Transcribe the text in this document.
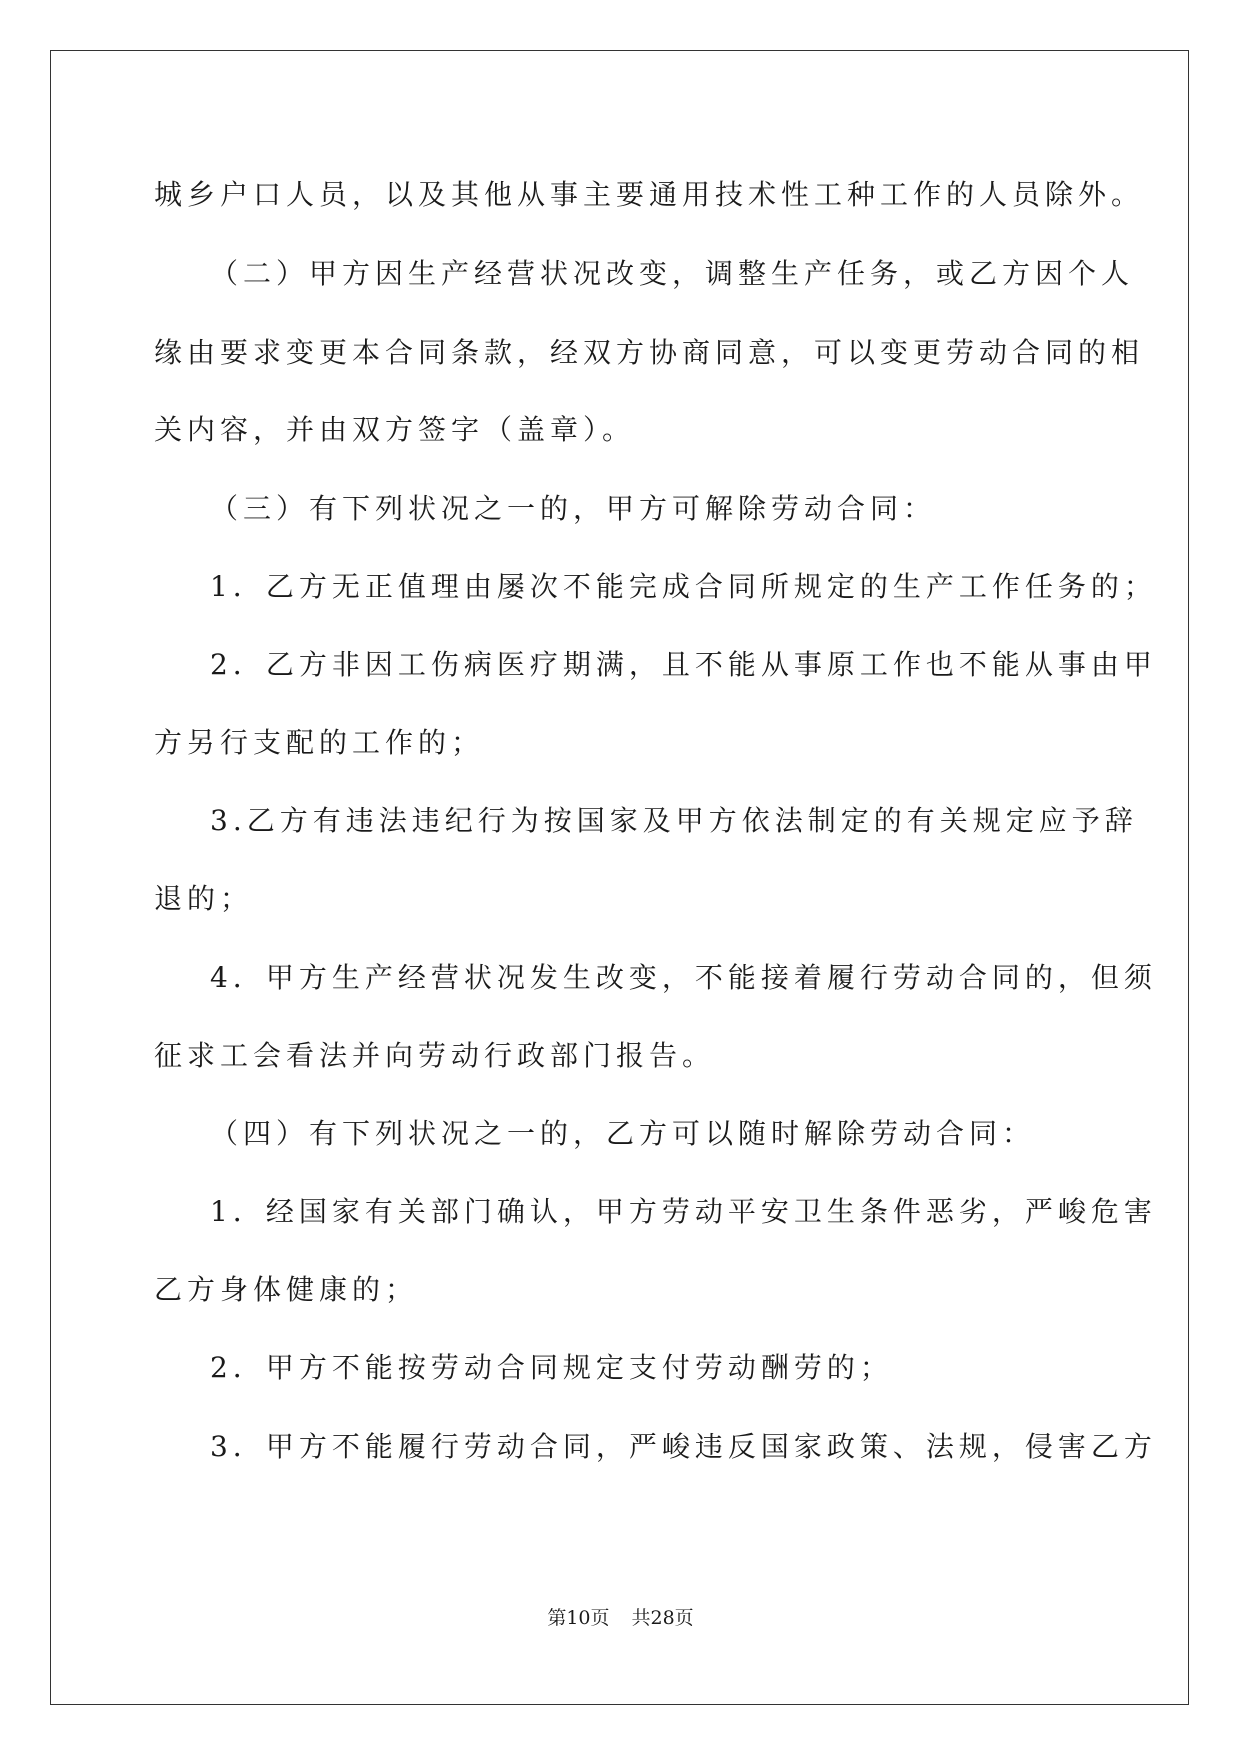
城乡户口人员，以及其他从事主要通用技术性工种工作的人员除外。

（二）甲方因生产经营状况改变，调整生产任务，或乙方因个人

缘由要求变更本合同条款，经双方协商同意，可以变更劳动合同的相

关内容，并由双方签字（盖章）。

（三）有下列状况之一的，甲方可解除劳动合同：

1．乙方无正值理由屡次不能完成合同所规定的生产工作任务的；

2．乙方非因工伤病医疗期满，且不能从事原工作也不能从事由甲

方另行支配的工作的；

3.乙方有违法违纪行为按国家及甲方依法制定的有关规定应予辞

退的；

4．甲方生产经营状况发生改变，不能接着履行劳动合同的，但须

征求工会看法并向劳动行政部门报告。

（四）有下列状况之一的，乙方可以随时解除劳动合同：

1．经国家有关部门确认，甲方劳动平安卫生条件恶劣，严峻危害

乙方身体健康的；

2．甲方不能按劳动合同规定支付劳动酬劳的；

3．甲方不能履行劳动合同，严峻违反国家政策、法规，侵害乙方

第10页 共28页
